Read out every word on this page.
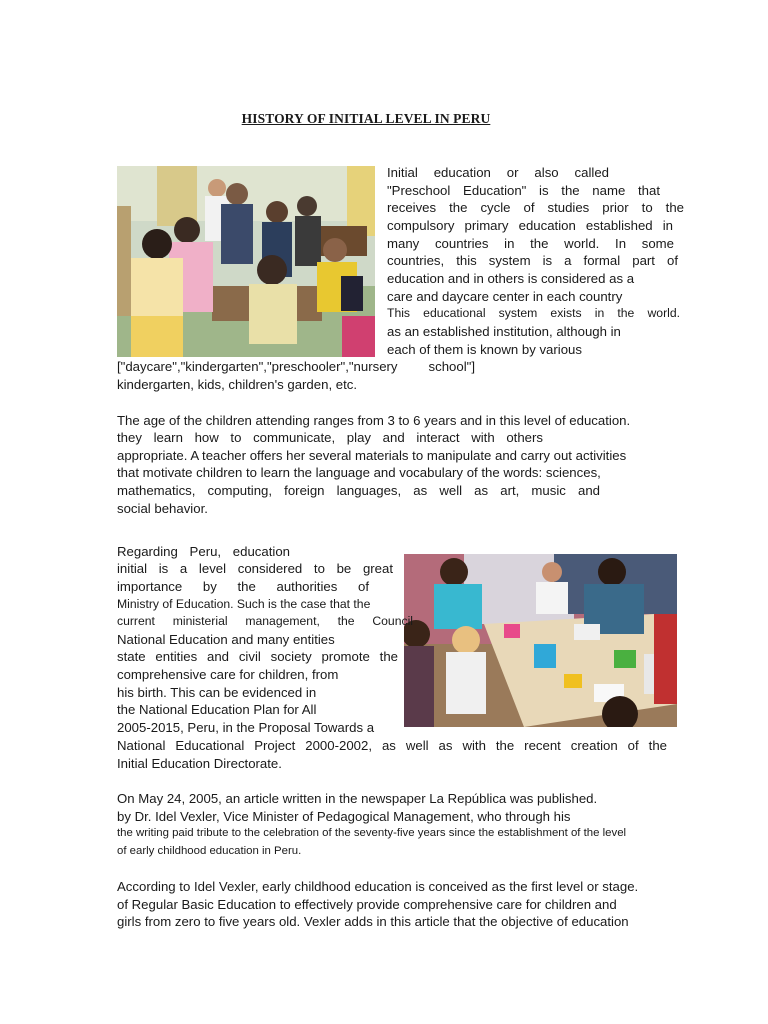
HISTORY OF INITIAL LEVEL IN PERU
Initial education or also called
"Preschool Education" is the name that
receives the cycle of studies prior to the
compulsory primary education established in
many countries in the world. In some
countries, this system is a formal part of
education and in others is considered as a
care and daycare center in each country
This educational system exists in the world.
as an established institution, although in
each of them is known by various
["daycare","kindergarten","preschooler","nursery school"]
kindergarten, kids, children's garden, etc.
The age of the children attending ranges from 3 to 6 years and in this level of education.
they learn how to communicate, play and interact with others
appropriate. A teacher offers her several materials to manipulate and carry out activities
that motivate children to learn the language and vocabulary of the words: sciences,
mathematics, computing, foreign languages, as well as art, music and
social behavior.
Regarding Peru, education
initial is a level considered to be great
importance by the authorities of
Ministry of Education. Such is the case that the
current ministerial management, the Council
National Education and many entities
state entities and civil society promote the
comprehensive care for children, from
his birth. This can be evidenced in
the National Education Plan for All
2005-2015, Peru, in the Proposal Towards a
National Educational Project 2000-2002, as well as with the recent creation of the
Initial Education Directorate.
On May 24, 2005, an article written in the newspaper La República was published.
by Dr. Idel Vexler, Vice Minister of Pedagogical Management, who through his
the writing paid tribute to the celebration of the seventy-five years since the establishment of the level
of early childhood education in Peru.
According to Idel Vexler, early childhood education is conceived as the first level or stage.
of Regular Basic Education to effectively provide comprehensive care for children and
girls from zero to five years old. Vexler adds in this article that the objective of education
